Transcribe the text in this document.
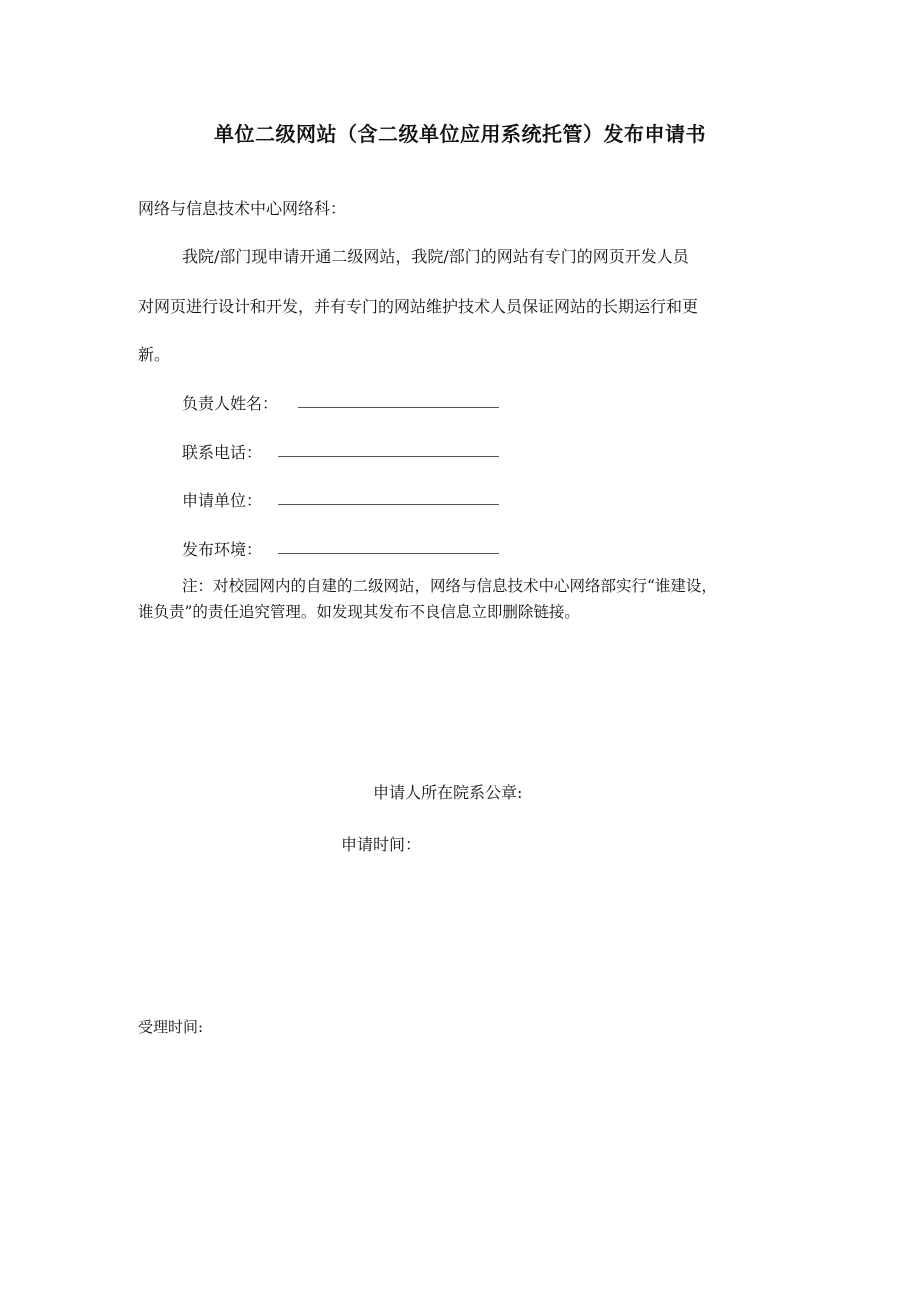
单位二级网站（含二级单位应用系统托管）发布申请书
网络与信息技术中心网络科：
我院/部门现申请开通二级网站，我院/部门的网站有专门的网页开发人员
对网页进行设计和开发，并有专门的网站维护技术人员保证网站的长期运行和更
新。
负责人姓名：
联系电话：
申请单位：
发布环境：
注：对校园网内的自建的二级网站，网络与信息技术中心网络部实行“谁建设，
谁负责”的责任追究管理。如发现其发布不良信息立即删除链接。
申请人所在院系公章:
申请时间：
受理时间:
